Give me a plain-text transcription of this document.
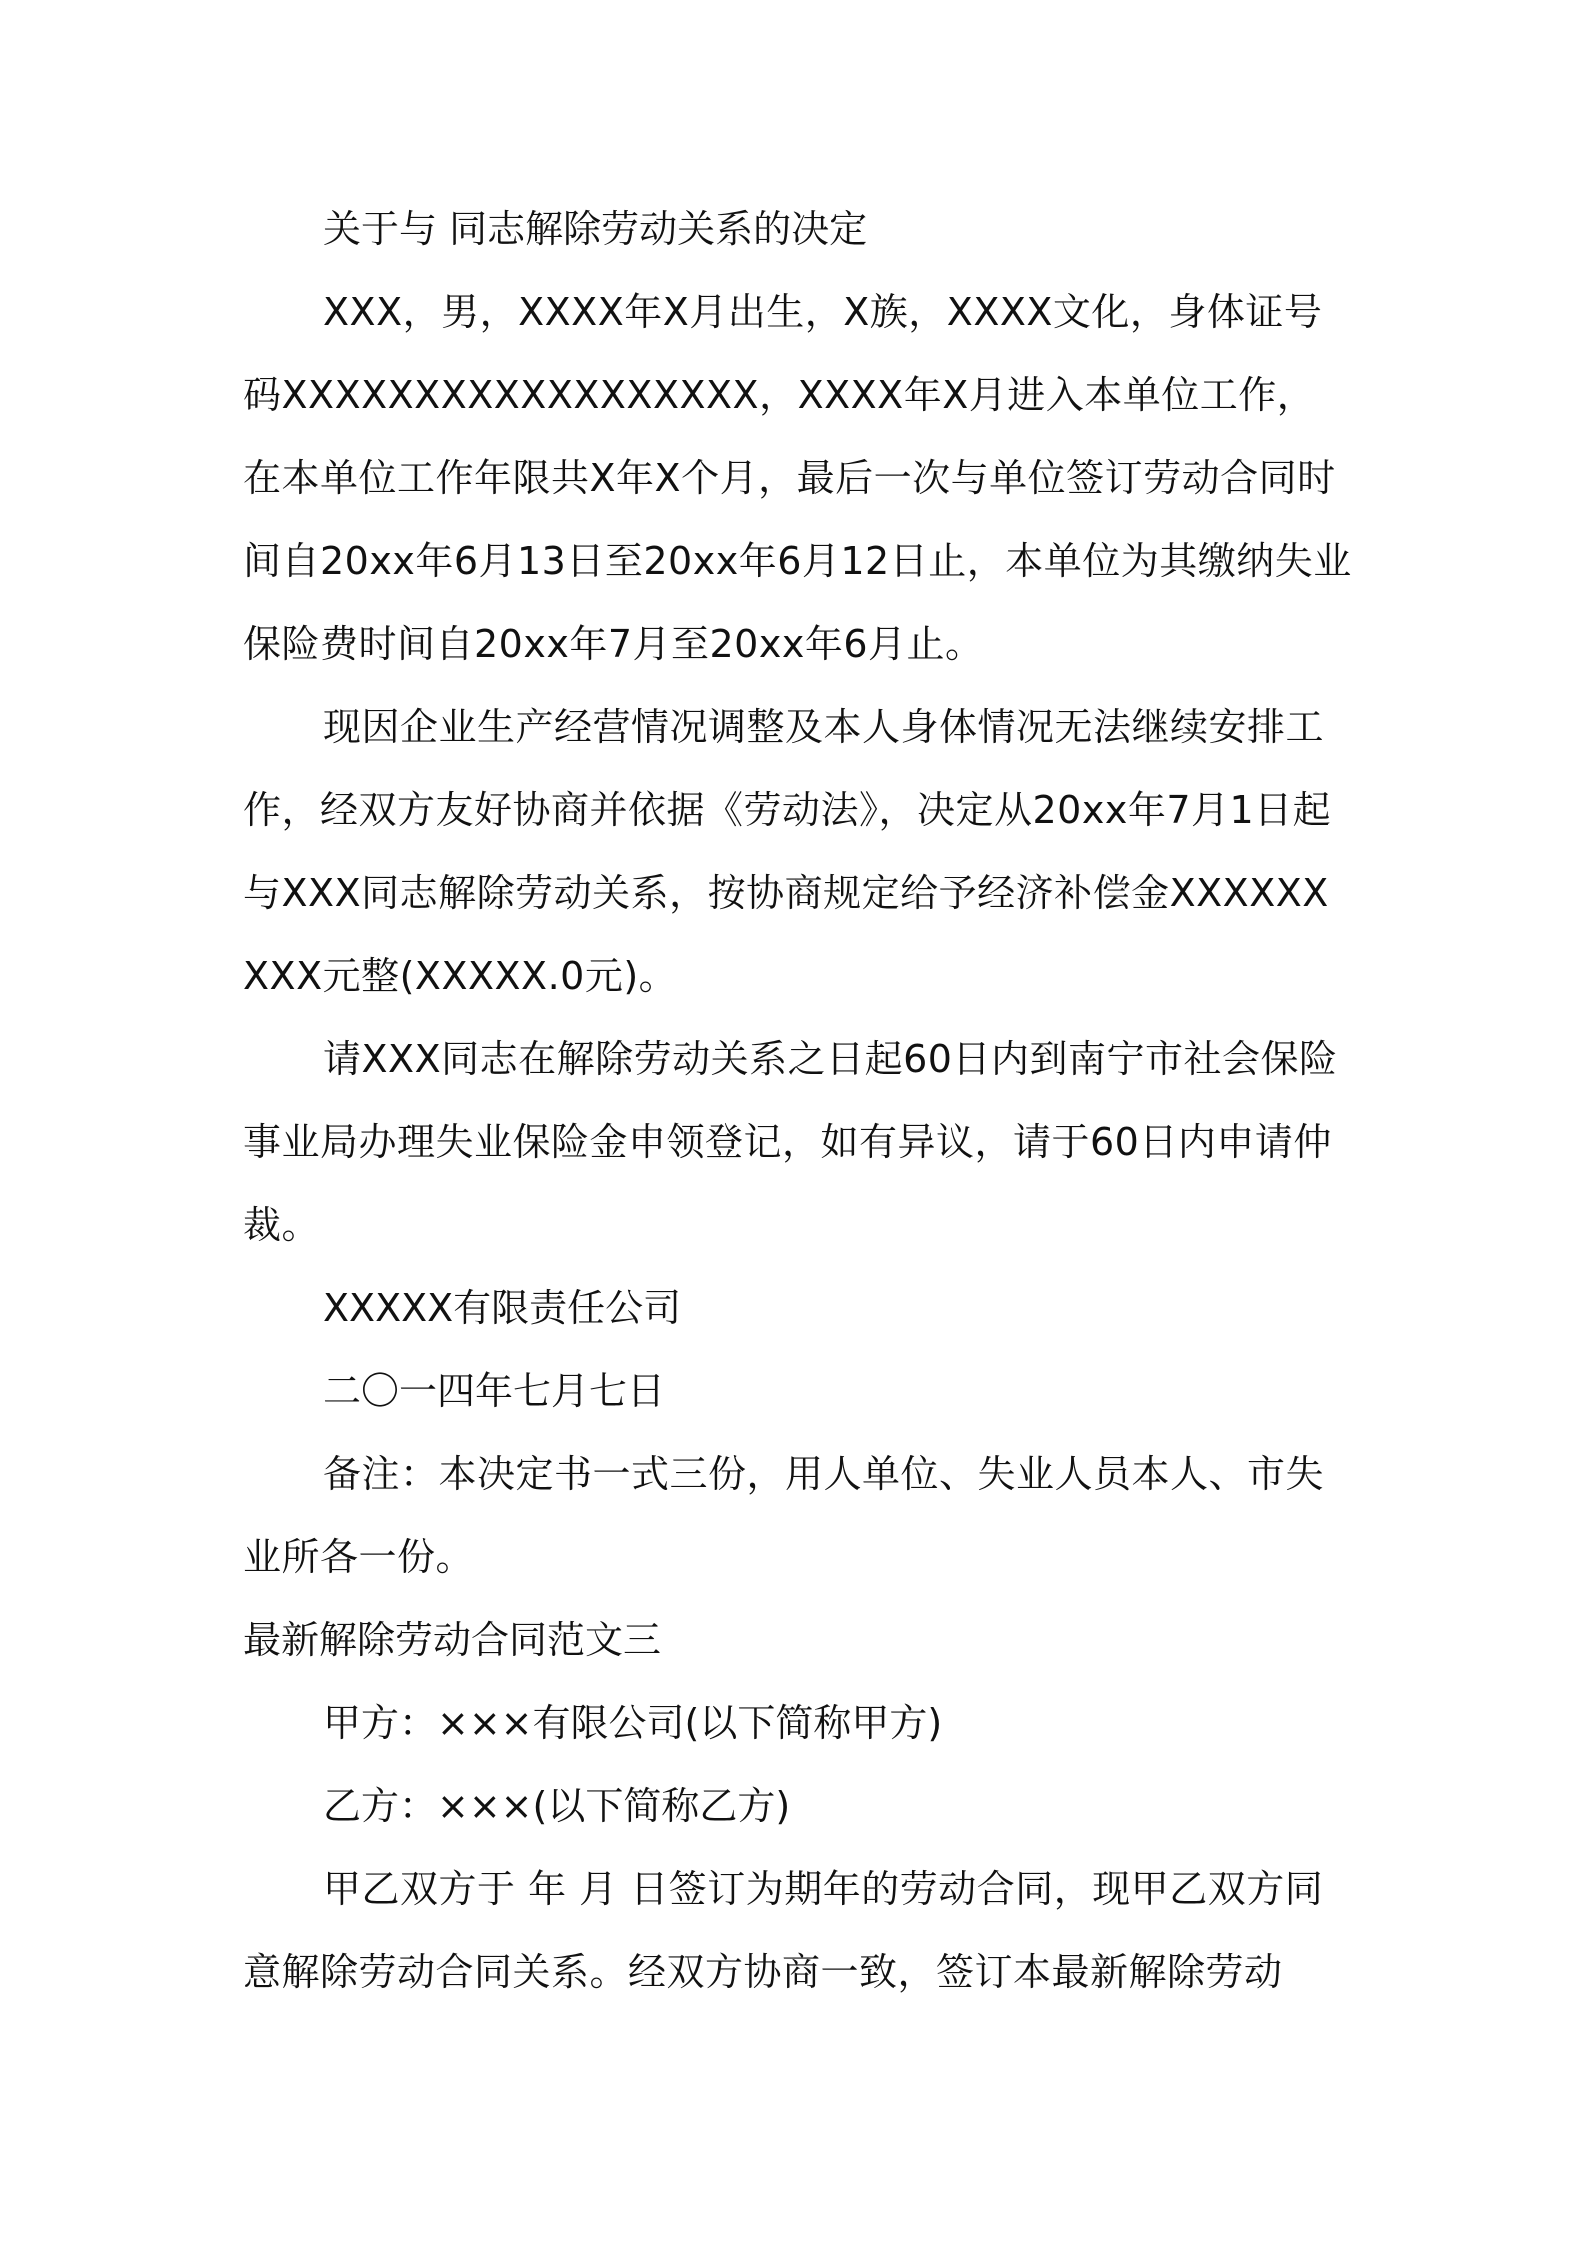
关于与 同志解除劳动关系的决定

XXX，男，XXXX年X月出生，X族，XXXX文化，身体证号码XXXXXXXXXXXXXXXXXX，XXXX年X月进入本单位工作，在本单位工作年限共X年X个月，最后一次与单位签订劳动合同时间自20xx年6月13日至20xx年6月12日止，本单位为其缴纳失业保险费时间自20xx年7月至20xx年6月止。

现因企业生产经营情况调整及本人身体情况无法继续安排工作，经双方友好协商并依据《劳动法》，决定从20xx年7月1日起与XXX同志解除劳动关系，按协商规定给予经济补偿金XXXXXXXXX元整(XXXXX.0元)。

请XXX同志在解除劳动关系之日起60日内到南宁市社会保险事业局办理失业保险金申领登记，如有异议，请于60日内申请仲裁。

XXXXX有限责任公司

二〇一四年七月七日

备注：本决定书一式三份，用人单位、失业人员本人、市失业所各一份。

最新解除劳动合同范文三

甲方：×××有限公司(以下简称甲方)

乙方：×××(以下简称乙方)

甲乙双方于 年 月 日签订为期年的劳动合同，现甲乙双方同意解除劳动合同关系。经双方协商一致，签订本最新解除劳动
